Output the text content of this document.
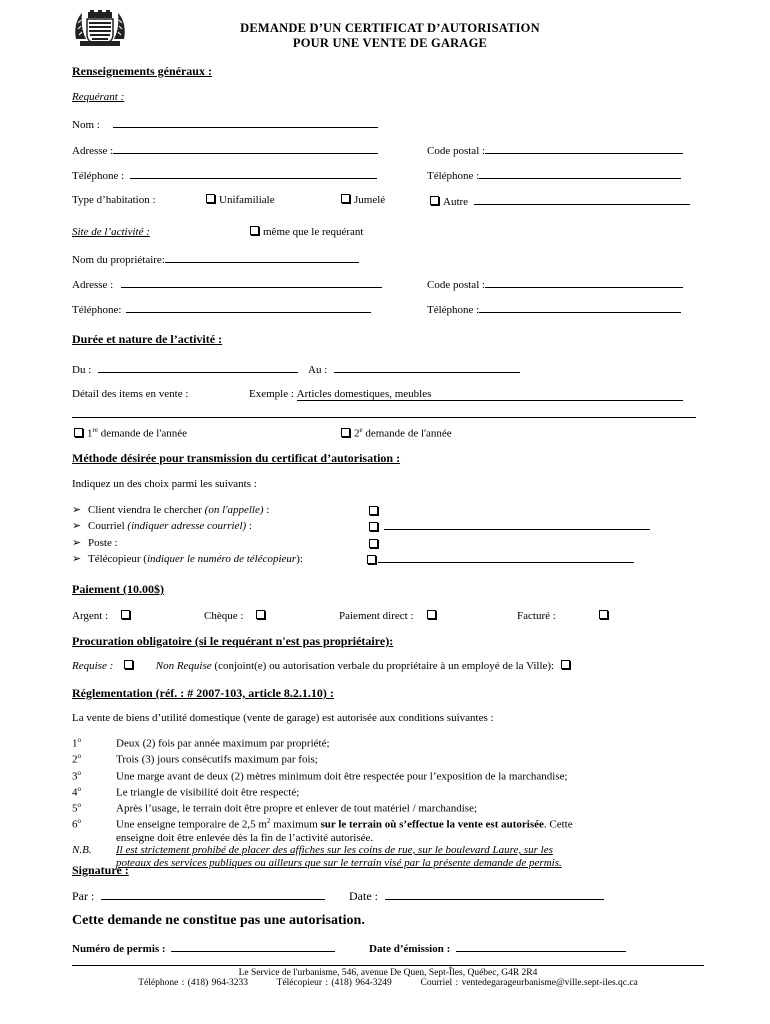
DEMANDE D’UN CERTIFICAT D’AUTORISATION
POUR UNE VENTE DE GARAGE
Renseignements généraux :
Requérant :
Nom :
Adresse :	Code postal :
Téléphone :	Téléphone :
Type d’habitation :	Unifamiliale	Jumelé	Autre
Site de l’activité :	même que le requérant
Nom du propriétaire:
Adresse :	Code postal :
Téléphone:	Téléphone :
Durée et nature de l’activité :
Du :	Au :
Détail des items en vente :	Exemple : Articles domestiques, meubles
1re demande de l'année	2e demande de l'année
Méthode désirée pour transmission du certificat d’autorisation :
Indiquez un des choix parmi les suivants :
➢ Client viendra le chercher (on l'appelle) :
➢ Courriel (indiquer adresse courriel) :
➢ Poste :
➢ Télécopieur (indiquer le numéro de télécopieur):
Paiement (10.00$)
Argent :	Chèque :	Paiement direct :	Facturé :
Procuration obligatoire (si le requérant n'est pas propriétaire):
Requise :	Non Requise (conjoint(e) ou autorisation verbale du propriétaire à un employé de la Ville):
Réglementation (réf. : # 2007-103, article 8.2.1.10) :
La vente de biens d’utilité domestique (vente de garage) est autorisée aux conditions suivantes :
1$^o$	Deux (2) fois par année maximum par propriété;
2$^o$	Trois (3) jours consécutifs maximum par fois;
3$^o$	Une marge avant de deux (2) mètres minimum doit être respectée pour l’exposition de la marchandise;
4$^o$	Le triangle de visibilité doit être respecté;
5$^o$	Après l’usage, le terrain doit être propre et enlever de tout matériel / marchandise;
6$^o$	Une enseigne temporaire de 2,5 $m^2$ maximum sur le terrain où s’effectue la vente est autorisée. Cette
enseigne doit être enlevée dès la fin de l’activité autorisée.
N.B. Il est strictement prohibé de placer des affiches sur les coins de rue, sur le boulevard Laure, sur les
poteaux des services publiques ou ailleurs que sur le terrain visé par la présente demande de permis.
Signature :
Par :	Date :
Cette demande ne constitue pas une autorisation.
Numéro de permis :	Date d’émission :
Le Service de l'urbanisme, 546, avenue De Quen, Sept-Îles, Québec, G4R 2R4
Téléphone : (418) 964-3233	Télécopieur : (418) 964-3249	Courriel : ventedegarageurbanisme@ville.sept-iles.qc.ca
